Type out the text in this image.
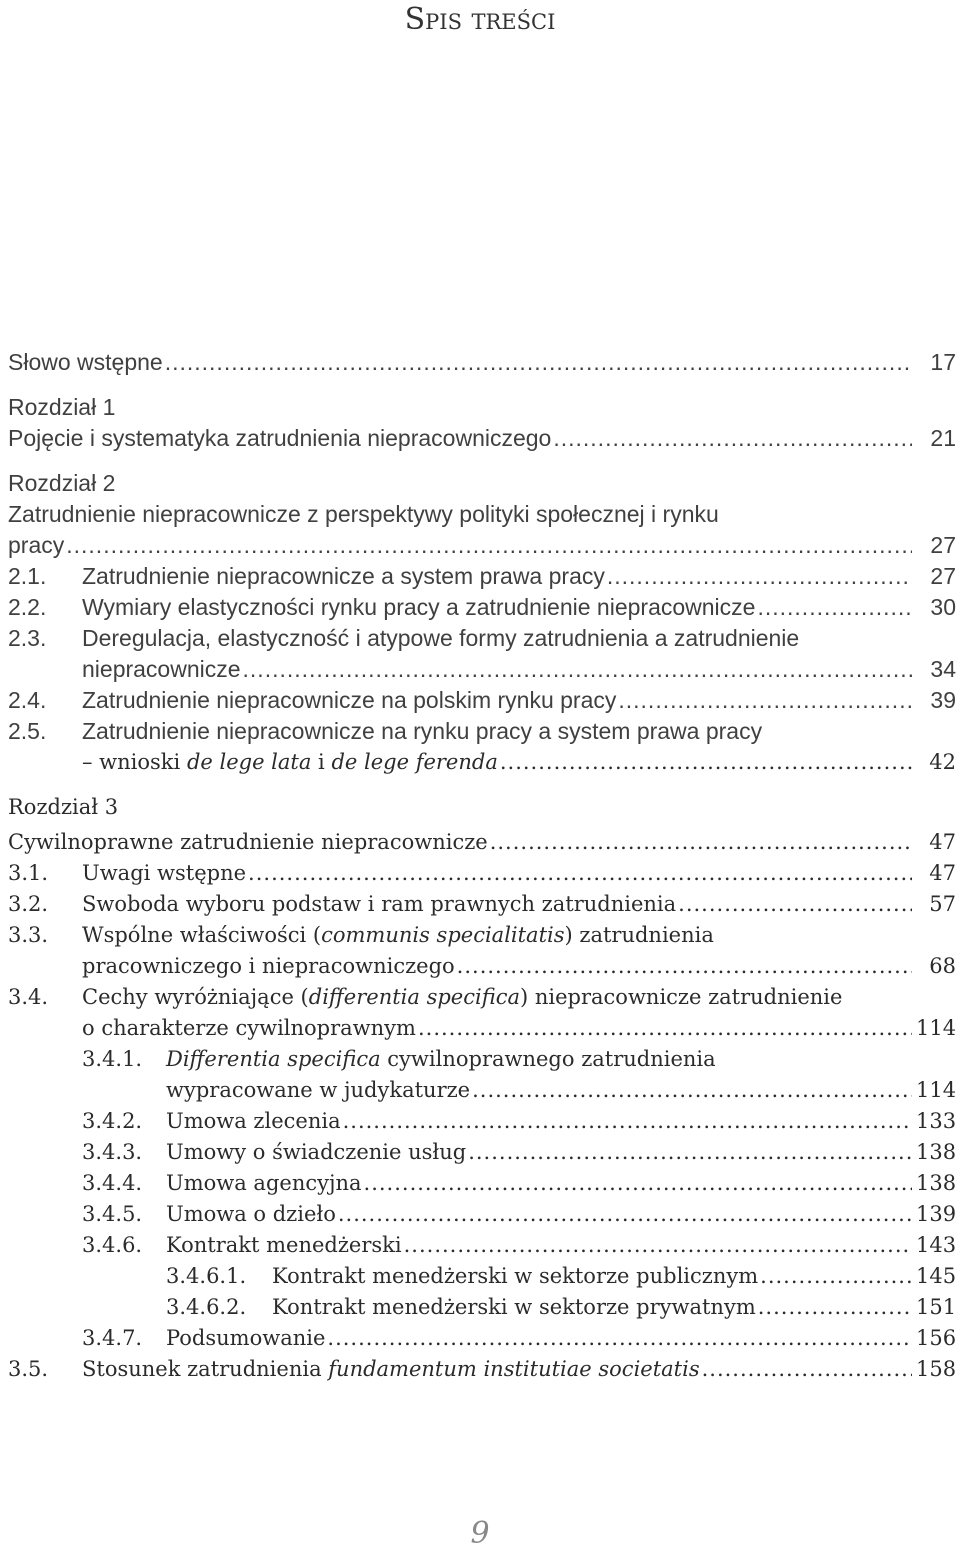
Spis treści
Słowo wstępne .....	17
Rozdział 1
Pojęcie i systematyka zatrudnienia niepracowniczego .....	21
Rozdział 2
Zatrudnienie niepracownicze z perspektywy polityki społecznej i rynku
pracy .....	27
2.1.	Zatrudnienie niepracownicze a system prawa pracy .....	27
2.2.	Wymiary elastyczności rynku pracy a zatrudnienie niepracownicze .....	30
2.3.	Deregulacja, elastyczność i atypowe formy zatrudnienia a zatrudnienie
niepracownicze .....	34
2.4.	Zatrudnienie niepracownicze na polskim rynku pracy .....	39
2.5.	Zatrudnienie niepracownicze na rynku pracy a system prawa pracy
– wnioski de lege lata i de lege ferenda .....	42
Rozdział 3
Cywilnoprawne zatrudnienie niepracownicze .....	47
3.1.	Uwagi wstępne .....	47
3.2.	Swoboda wyboru podstaw i ram prawnych zatrudnienia .....	57
3.3.	Wspólne właściwości (communis specialitatis) zatrudnienia
pracowniczego i niepracowniczego .....	68
3.4.	Cechy wyróżniające (differentia specifica) niepracownicze zatrudnienie
o charakterze cywilnoprawnym .....	114
3.4.1.	Differentia specifica cywilnoprawnego zatrudnienia
wypracowane w judykaturze .....	114
3.4.2.	Umowa zlecenia .....	133
3.4.3.	Umowy o świadczenie usług .....	138
3.4.4.	Umowa agencyjna .....	138
3.4.5.	Umowa o dzieło .....	139
3.4.6.	Kontrakt menedżerski .....	143
3.4.6.1.	Kontrakt menedżerski w sektorze publicznym .....	145
3.4.6.2.	Kontrakt menedżerski w sektorze prywatnym .....	151
3.4.7.	Podsumowanie .....	156
3.5.	Stosunek zatrudnienia fundamentum institutiae societatis .....	158
9
